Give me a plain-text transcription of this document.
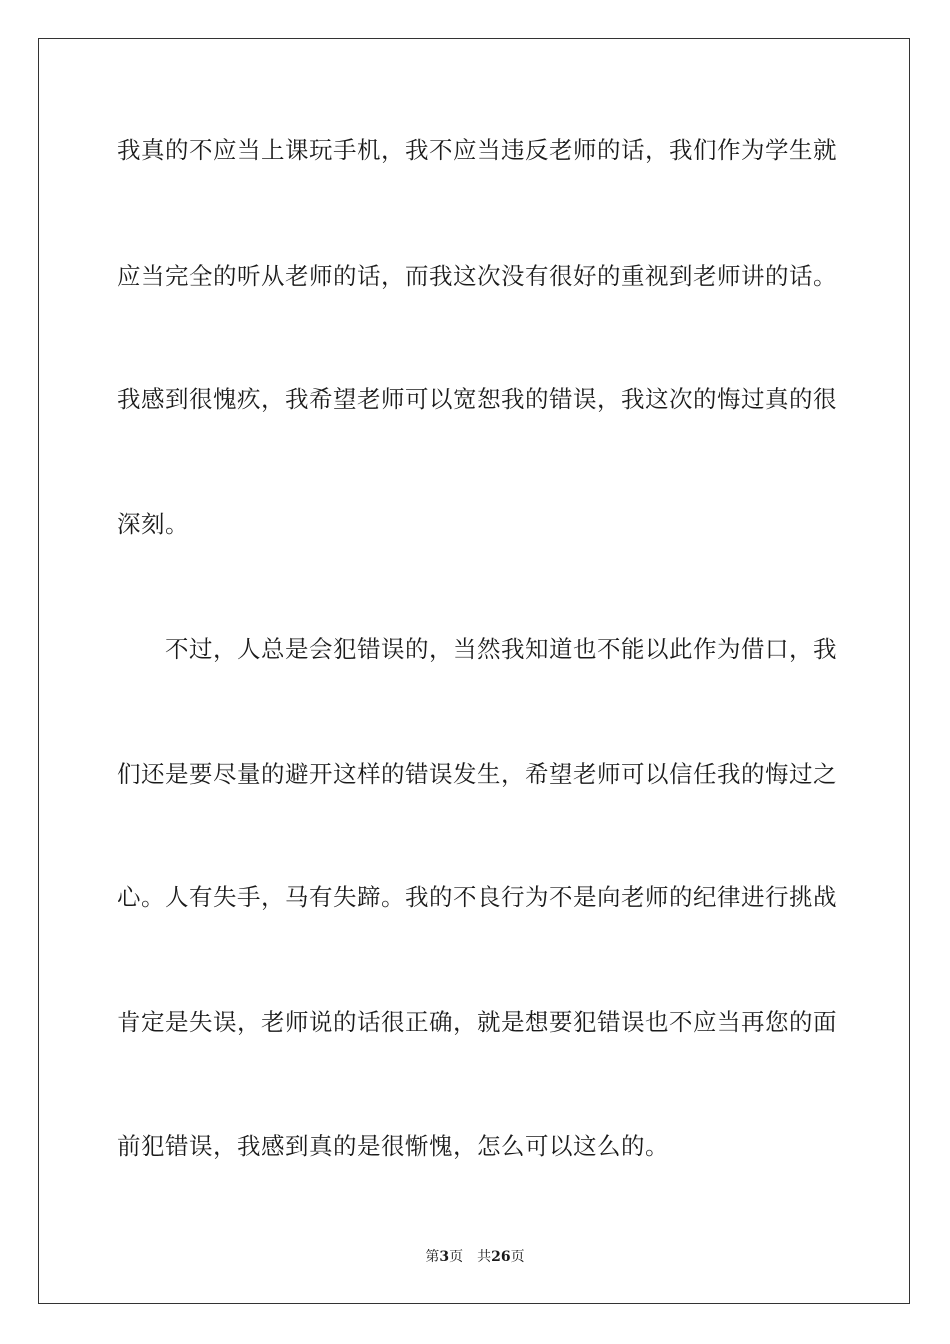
我真的不应当上课玩手机，我不应当违反老师的话，我们作为学生就
应当完全的听从老师的话，而我这次没有很好的重视到老师讲的话。
我感到很愧疚，我希望老师可以宽恕我的错误，我这次的悔过真的很
深刻。
　　不过，人总是会犯错误的，当然我知道也不能以此作为借口，我
们还是要尽量的避开这样的错误发生，希望老师可以信任我的悔过之
心。人有失手，马有失蹄。我的不良行为不是向老师的纪律进行挑战
肯定是失误，老师说的话很正确，就是想要犯错误也不应当再您的面
前犯错误，我感到真的是很惭愧，怎么可以这么的。
第3页 共26页
